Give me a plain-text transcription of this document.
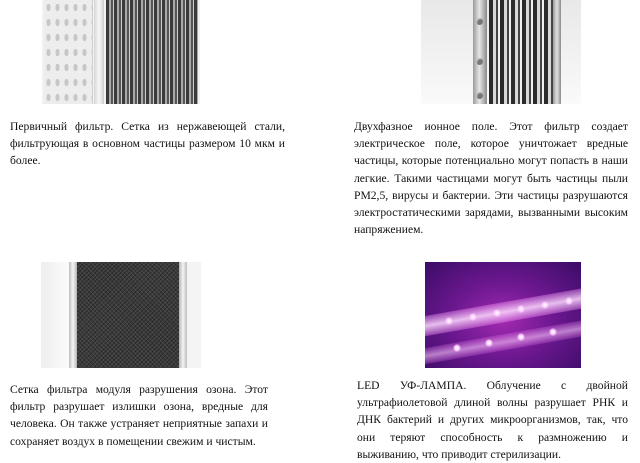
Первичный фильтр. Сетка из нержавеющей стали, фильтрующая в основном частицы размером 10 мкм и более.

Двухфазное ионное поле. Этот фильтр создает электрическое поле, которое уничтожает вредные частицы, которые потенциально могут попасть в наши легкие. Такими частицами могут быть частицы пыли РМ2,5, вирусы и бактерии. Эти частицы разрушаются электростатическими зарядами, вызванными высоким напряжением.

Сетка фильтра модуля разрушения озона. Этот фильтр разрушает излишки озона, вредные для человека. Он также устраняет неприятные запахи и сохраняет воздух в помещении свежим и чистым.

LED УФ-ЛАМПА. Облучение с двойной ультрафиолетовой длиной волны разрушает РНК и ДНК бактерий и других микроорганизмов, так, что они теряют способность к размножению и выживанию, что приводит стерилизации.
